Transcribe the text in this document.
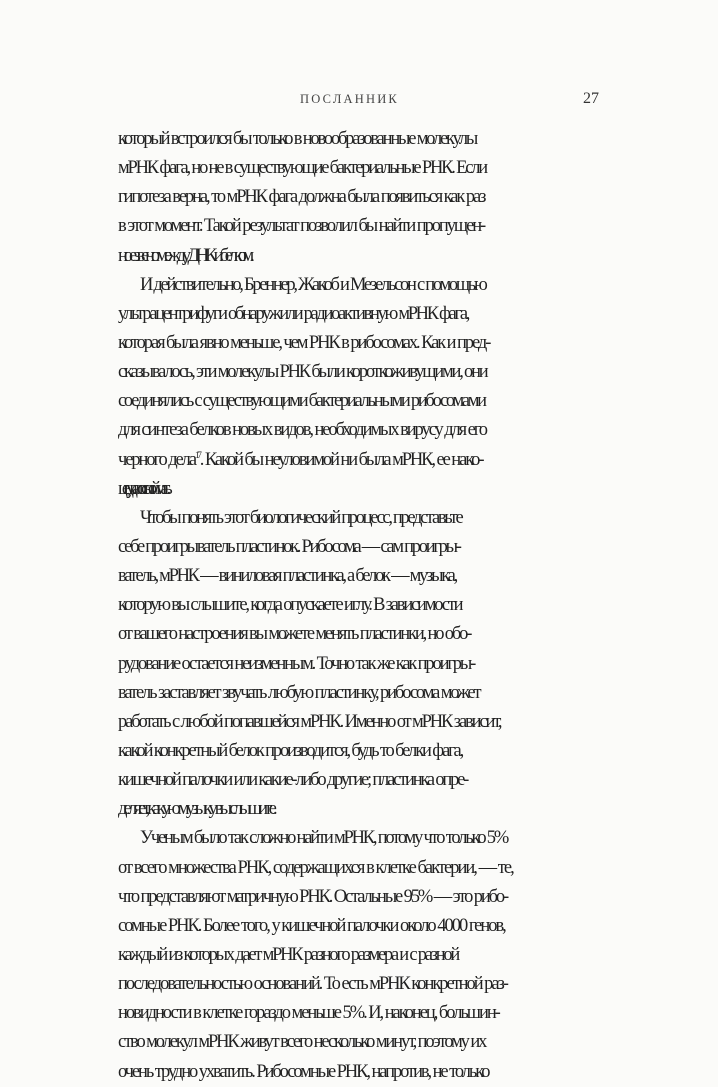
ПОСЛАННИК	27
который встроился бы только в новообразованные молекулы
мРНК фага, но не в существующие бактериальные РНК. Если
гипотеза верна, то мРНК фага должна была появиться как раз
в этот момент. Такой результат позволил бы найти пропущен-
ное звено между ДНК и белком.
И действительно, Бреннер, Жакоб и Мезельсон с помощью
ультрацентрифуги обнаружили радиоактивную мРНК фага,
которая была явно меньше, чем РНК в рибосомах. Как и пред-
сказывалось, эти молекулы РНК были короткоживущими, они
соединялись с существующими бактериальными рибосомами
для синтеза белков новых видов, необходимых вирусу для его
черного дела$^{17}$. Какой бы неуловимой ни была мРНК, ее нако-
цец удалось поймать.
Чтобы понять этот биологический процесс, представьте
себе проигрыватель пластинок. Рибосома — сам проигры-
ватель, мРНК — виниловая пластинка, а белок — музыка,
которую вы слышите, когда опускаете иглу. В зависимости
от вашего настроения вы можете менять пластинки, но обо-
рудование остается неизменным. Точно так же как проигры-
ватель заставляет звучать любую пластинку, рибосома может
работать с любой попавшейся мРНК. Именно от мРНК зависит,
какой конкретный белок производится, будь то белки фага,
кишечной палочки или какие-либо другие; пластинка опре-
деляет, какую музыку вы слышите.
Ученым было так сложно найти мРНК, потому что только 5%
от всего множества РНК, содержащихся в клетке бактерии, — те,
что представляют матричную РНК. Остальные 95% — это рибо-
сомные РНК. Более того, у кишечной палочки около 4000 генов,
каждый из которых дает мРНК разного размера и с разной
последовательностью оснований. То есть мРНК конкретной раз-
новидности в клетке гораздо меньше 5%. И, наконец, большин-
ство молекул мРНК живут всего несколько минут, поэтому их
очень трудно ухватить. Рибосомные РНК, напротив, не только
